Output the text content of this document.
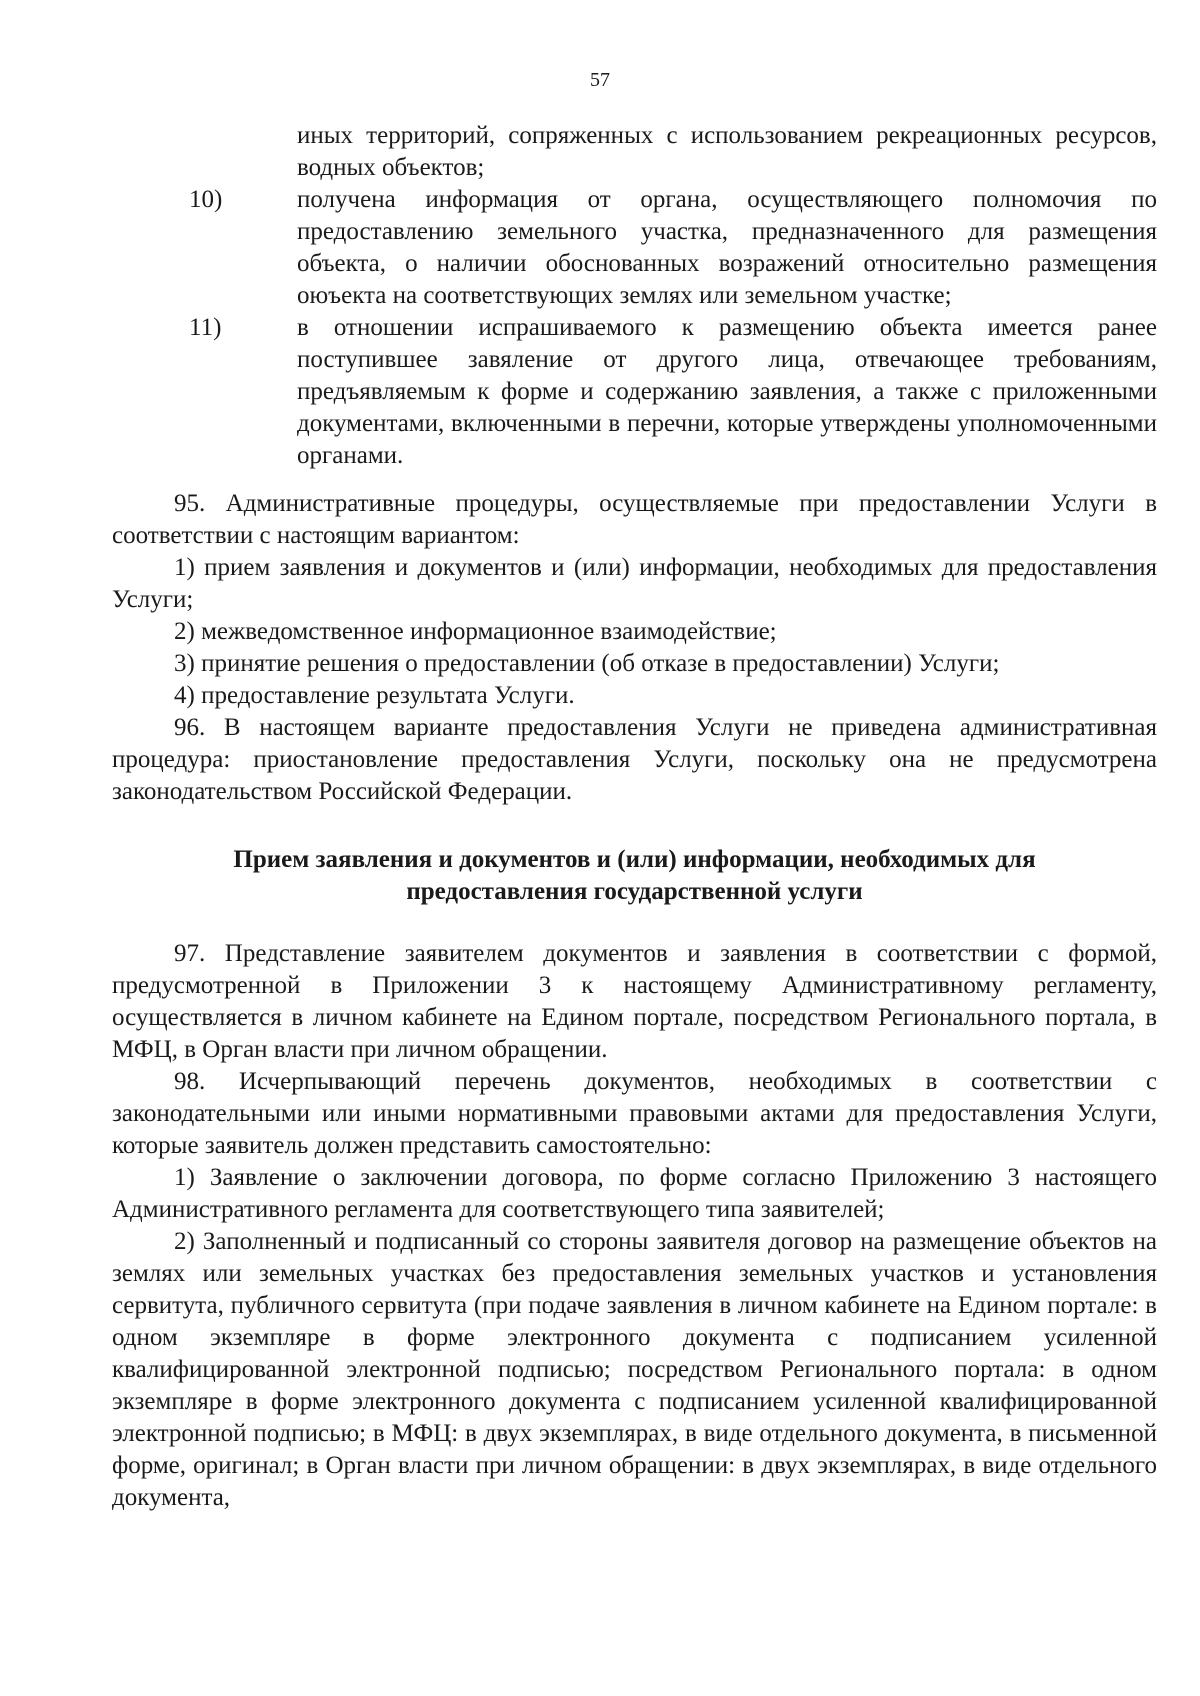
57
иных территорий, сопряженных с использованием рекреационных ресурсов, водных объектов;
10)	получена информация от органа, осуществляющего полномочия по предоставлению земельного участка, предназначенного для размещения объекта, о наличии обоснованных возражений относительно размещения оюъекта на соответствующих землях или земельном участке;
11)	в отношении испрашиваемого к размещению объекта имеется ранее поступившее завяление от другого лица, отвечающее требованиям, предъявляемым к форме и содержанию заявления, а также с приложенными документами, включенными в перечни, которые утверждены уполномоченными органами.

95. Административные процедуры, осуществляемые при предоставлении Услуги в соответствии с настоящим вариантом:

1) прием заявления и документов и (или) информации, необходимых для предоставления Услуги;

2) межведомственное информационное взаимодействие;

3) принятие решения о предоставлении (об отказе в предоставлении) Услуги;

4) предоставление результата Услуги.

96. В настоящем варианте предоставления Услуги не приведена административная процедура: приостановление предоставления Услуги, поскольку она не предусмотрена законодательством Российской Федерации.

Прием заявления и документов и (или) информации, необходимых для
предоставления государственной услуги

97. Представление заявителем документов и заявления в соответствии с формой, предусмотренной в Приложении 3 к настоящему Административному регламенту, осуществляется в личном кабинете на Едином портале, посредством Регионального портала, в МФЦ, в Орган власти при личном обращении.

98. Исчерпывающий перечень документов, необходимых в соответствии с законодательными или иными нормативными правовыми актами для предоставления Услуги, которые заявитель должен представить самостоятельно:

1) Заявление о заключении договора, по форме согласно Приложению 3 настоящего Административного регламента для соответствующего типа заявителей;

2) Заполненный и подписанный со стороны заявителя договор на размещение объектов на землях или земельных участках без предоставления земельных участков и установления сервитута, публичного сервитута (при подаче заявления в личном кабинете на Едином портале: в одном экземпляре в форме электронного документа с подписанием усиленной квалифицированной электронной подписью; посредством Регионального портала: в одном экземпляре в форме электронного документа с подписанием усиленной квалифицированной электронной подписью; в МФЦ: в двух экземплярах, в виде отдельного документа, в письменной форме, оригинал; в Орган власти при личном обращении: в двух экземплярах, в виде отдельного документа,
